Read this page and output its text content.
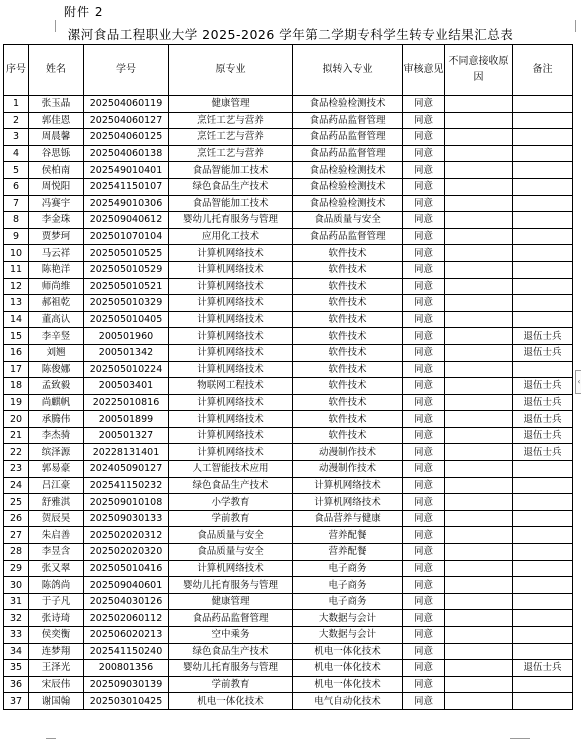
附件 2
漯河食品工程职业大学 2025-2026 学年第二学期专科学生转专业结果汇总表
‹
序号	姓名	学号	原专业	拟转入专业	审核意见	不同意接收原因	备注
1	张玉晶	202504060119	健康管理	食品检验检测技术	同意		
2	郭佳恩	202504060127	烹饪工艺与营养	食品药品监督管理	同意		
3	周晨馨	202504060125	烹饪工艺与营养	食品药品监督管理	同意		
4	谷思铄	202504060138	烹饪工艺与营养	食品药品监督管理	同意		
5	侯柏南	202549010401	食品智能加工技术	食品检验检测技术	同意		
6	周悦阳	202541150107	绿色食品生产技术	食品检验检测技术	同意		
7	冯赛宇	202549010306	食品智能加工技术	食品检验检测技术	同意		
8	李金珠	202509040612	婴幼儿托育服务与管理	食品质量与安全	同意		
9	贾梦珂	202501070104	应用化工技术	食品药品监督管理	同意		
10	马云祥	202505010525	计算机网络技术	软件技术	同意		
11	陈艳洋	202505010529	计算机网络技术	软件技术	同意		
12	师尚维	202505010521	计算机网络技术	软件技术	同意		
13	郝祖乾	202505010329	计算机网络技术	软件技术	同意		
14	董高认	202505010405	计算机网络技术	软件技术	同意		
15	李辛竖	200501960	计算机网络技术	软件技术	同意		退伍士兵
16	刘翘	200501342	计算机网络技术	软件技术	同意		退伍士兵
17	陈俊娜	202505010224	计算机网络技术	软件技术	同意		
18	孟致毅	200503401	物联网工程技术	软件技术	同意		退伍士兵
19	尚麒帆	20225010816	计算机网络技术	软件技术	同意		退伍士兵
20	承腾伟	200501899	计算机网络技术	软件技术	同意		退伍士兵
21	李杰骑	200501327	计算机网络技术	软件技术	同意		退伍士兵
22	缤泽源	20228131401	计算机网络技术	动漫制作技术	同意		退伍士兵
23	郭易豪	202405090127	人工智能技术应用	动漫制作技术	同意		
24	吕江豪	202541150232	绿色食品生产技术	计算机网络技术	同意		
25	舒雅淇	202509010108	小学教育	计算机网络技术	同意		
26	贺辰昊	202509030133	学前教育	食品营养与健康	同意		
27	朱启善	202502020312	食品质量与安全	营养配餐	同意		
28	李昱含	202502020320	食品质量与安全	营养配餐	同意		
29	张又翠	202505010416	计算机网络技术	电子商务	同意		
30	陈鸽尚	202509040601	婴幼儿托育服务与管理	电子商务	同意		
31	于子凡	202504030126	健康管理	电子商务	同意		
32	张诗琦	202502060112	食品药品监督管理	大数据与会计	同意		
33	侯奕衡	202506020213	空中乘务	大数据与会计	同意		
34	连梦翔	202541150240	绿色食品生产技术	机电一体化技术	同意		
35	王泽光	200801356	婴幼儿托育服务与管理	机电一体化技术	同意		退伍士兵
36	宋辰伟	202509030139	学前教育	机电一体化技术	同意		
37	谢国翰	202503010425	机电一体化技术	电气自动化技术	同意		
